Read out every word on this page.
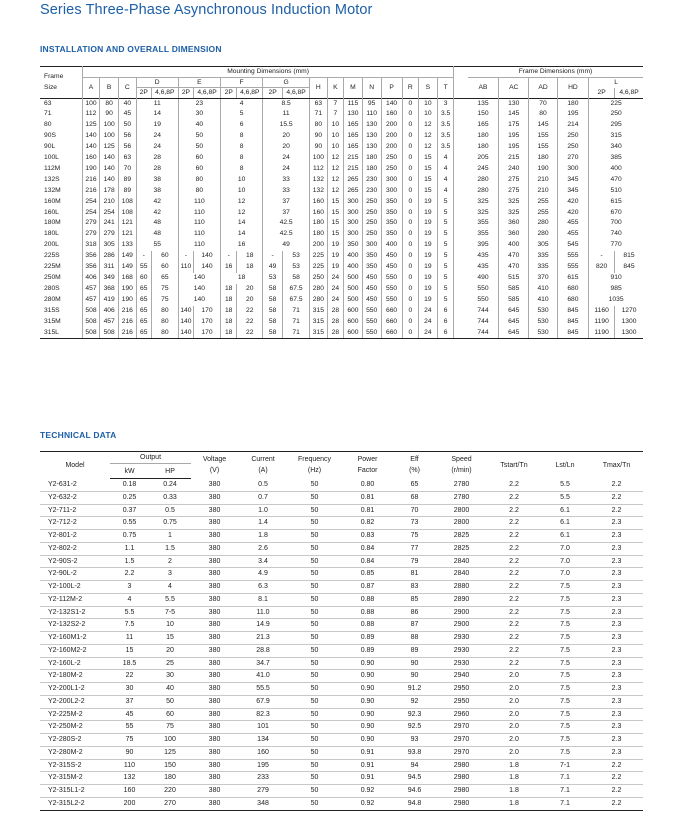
Series Three-Phase Asynchronous Induction Motor
INSTALLATION AND OVERALL DIMENSION
Frame
Size	Mounting Dimensions (mm)																				Frame Dimensions (mm)					
	A	B	C	D		E		F		G		H	K	M	N	P	R	S	T		AB	AC	AD	HD	L	
				2P	4,6,8P	2P	4,6,8P	2P	4,6,8P	2P	4,6,8P														2P	4,6,8P
63	100	80	40	11		23		4		8.5		63	7	115	95	140	0	10	3		135	130	70	180	225	
71	112	90	45	14		30		5		11		71	7	130	110	160	0	10	3.5		150	145	80	195	250	
80	125	100	50	19		40		6		15.5		80	10	165	130	200	0	12	3.5		165	175	145	214	295	
90S	140	100	56	24		50		8		20		90	10	165	130	200	0	12	3.5		180	195	155	250	315	
90L	140	125	56	24		50		8		20		90	10	165	130	200	0	12	3.5		180	195	155	250	340	
100L	160	140	63	28		60		8		24		100	12	215	180	250	0	15	4		205	215	180	270	385	
112M	190	140	70	28		60		8		24		112	12	215	180	250	0	15	4		245	240	190	300	400	
132S	216	140	89	38		80		10		33		132	12	265	230	300	0	15	4		280	275	210	345	470	
132M	216	178	89	38		80		10		33		132	12	265	230	300	0	15	4		280	275	210	345	510	
160M	254	210	108	42		110		12		37		160	15	300	250	350	0	19	5		325	325	255	420	615	
160L	254	254	108	42		110		12		37		160	15	300	250	350	0	19	5		325	325	255	420	670	
180M	279	241	121	48		110		14		42.5		180	15	300	250	350	0	19	5		355	360	280	455	700	
180L	279	279	121	48		110		14		42.5		180	15	300	250	350	0	19	5		355	360	280	455	740	
200L	318	305	133	55		110		16		49		200	19	350	300	400	0	19	5		395	400	305	545	770	
225S	356	286	149	-	60	-	140	-	18	-	53	225	19	400	350	450	0	19	5		435	470	335	555	-	815
225M	356	311	149	55	60	110	140	16	18	49	53	225	19	400	350	450	0	19	5		435	470	335	555	820	845
250M	406	349	168	60	65	140		18		53	58	250	24	500	450	550	0	19	5		490	515	370	615	910	
280S	457	368	190	65	75	140		18	20	58	67.5	280	24	500	450	550	0	19	5		550	585	410	680	985	
280M	457	419	190	65	75	140		18	20	58	67.5	280	24	500	450	550	0	19	5		550	585	410	680	1035	
315S	508	406	216	65	80	140	170	18	22	58	71	315	28	600	550	660	0	24	6		744	645	530	845	1160	1270
315M	508	457	216	65	80	140	170	18	22	58	71	315	28	600	550	660	0	24	6		744	645	530	845	1190	1300
315L	508	508	216	65	80	140	170	18	22	58	71	315	28	600	550	660	0	24	6		744	645	530	845	1190	1300
TECHNICAL DATA
Model	Output		Voltage
(V)	Current
(A)	Frequency
(Hz)	Power
Factor	Eff
(%)	Speed
(r/min)	Tstart/Tn	Lst/Ln	Tmax/Tn
	kW	HP									
Y2-631-2	0.18	0.24	380	0.5	50	0.80	65	2780	2.2	5.5	2.2
Y2-632-2	0.25	0.33	380	0.7	50	0.81	68	2780	2.2	5.5	2.2
Y2-711-2	0.37	0.5	380	1.0	50	0.81	70	2800	2.2	6.1	2.2
Y2-712-2	0.55	0.75	380	1.4	50	0.82	73	2800	2.2	6.1	2.3
Y2-801-2	0.75	1	380	1.8	50	0.83	75	2825	2.2	6.1	2.3
Y2-802-2	1.1	1.5	380	2.6	50	0.84	77	2825	2.2	7.0	2.3
Y2-90S-2	1.5	2	380	3.4	50	0.84	79	2840	2.2	7.0	2.3
Y2-90L-2	2.2	3	380	4.9	50	0.85	81	2840	2.2	7.0	2.3
Y2-100L-2	3	4	380	6.3	50	0.87	83	2880	2.2	7.5	2.3
Y2-112M-2	4	5.5	380	8.1	50	0.88	85	2890	2.2	7.5	2.3
Y2-132S1-2	5.5	7-5	380	11.0	50	0.88	86	2900	2.2	7.5	2.3
Y2-132S2-2	7.5	10	380	14.9	50	0.88	87	2900	2.2	7.5	2.3
Y2-160M1-2	11	15	380	21.3	50	0.89	88	2930	2.2	7.5	2.3
Y2-160M2-2	15	20	380	28.8	50	0.89	89	2930	2.2	7.5	2.3
Y2-160L-2	18.5	25	380	34.7	50	0.90	90	2930	2.2	7.5	2.3
Y2-180M-2	22	30	380	41.0	50	0.90	90	2940	2.0	7.5	2.3
Y2-200L1-2	30	40	380	55.5	50	0.90	91.2	2950	2.0	7.5	2.3
Y2-200L2-2	37	50	380	67.9	50	0.90	92	2950	2.0	7.5	2.3
Y2-225M-2	45	60	380	82.3	50	0.90	92.3	2960	2.0	7.5	2.3
Y2-250M-2	55	75	380	101	50	0.90	92.5	2970	2.0	7.5	2.3
Y2-280S-2	75	100	380	134	50	0.90	93	2970	2.0	7.5	2.3
Y2-280M-2	90	125	380	160	50	0.91	93.8	2970	2.0	7.5	2.3
Y2-315S-2	110	150	380	195	50	0.91	94	2980	1.8	7-1	2.2
Y2-315M-2	132	180	380	233	50	0.91	94.5	2980	1.8	7.1	2.2
Y2-315L1-2	160	220	380	279	50	0.92	94.6	2980	1.8	7.1	2.2
Y2-315L2-2	200	270	380	348	50	0.92	94.8	2980	1.8	7.1	2.2
